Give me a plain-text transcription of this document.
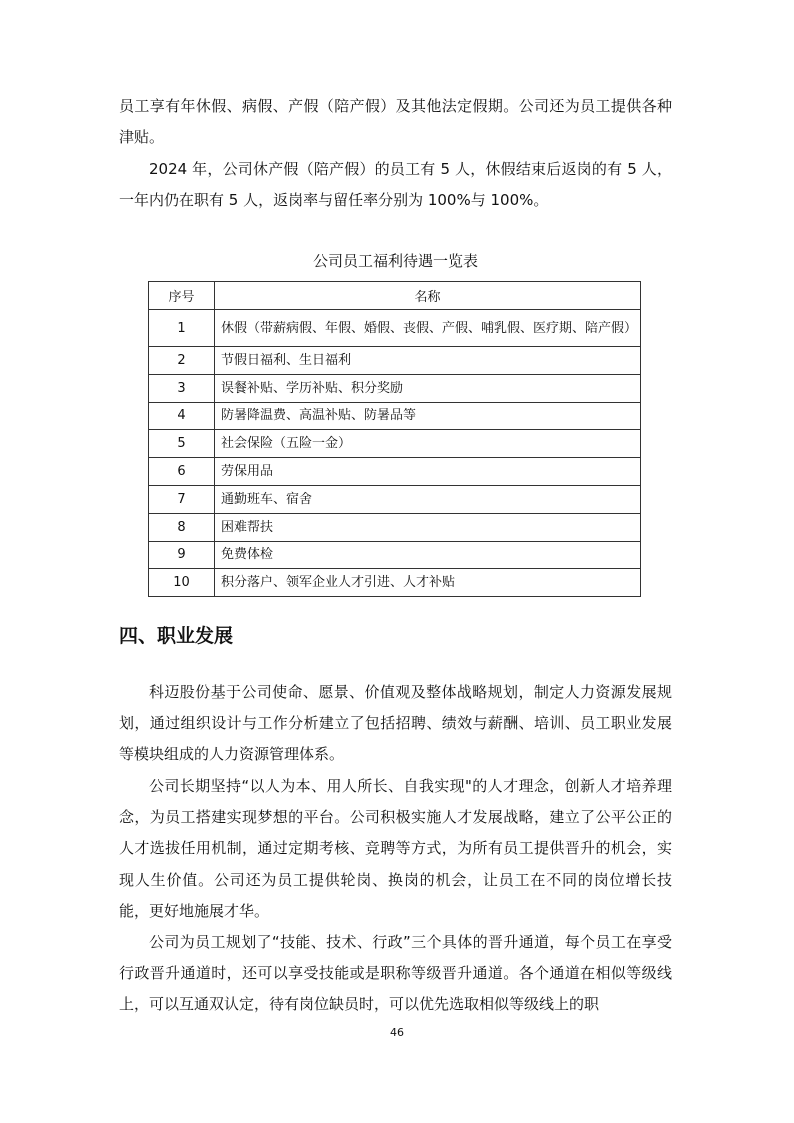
员工享有年休假、病假、产假（陪产假）及其他法定假期。公司还为员工提供各种津贴。

2024 年，公司休产假（陪产假）的员工有 5 人，休假结束后返岗的有 5 人，一年内仍在职有 5 人，返岗率与留任率分别为 100%与 100%。

公司员工福利待遇一览表
序号	名称
1	休假（带薪病假、年假、婚假、丧假、产假、哺乳假、医疗期、陪产假）
2	节假日福利、生日福利
3	误餐补贴、学历补贴、积分奖励
4	防暑降温费、高温补贴、防暑品等
5	社会保险（五险一金）
6	劳保用品
7	通勤班车、宿舍
8	困难帮扶
9	免费体检
10	积分落户、领军企业人才引进、人才补贴
四、职业发展

科迈股份基于公司使命、愿景、价值观及整体战略规划，制定人力资源发展规划，通过组织设计与工作分析建立了包括招聘、绩效与薪酬、培训、员工职业发展等模块组成的人力资源管理体系。

公司长期坚持“以人为本、用人所长、自我实现"的人才理念，创新人才培养理念，为员工搭建实现梦想的平台。公司积极实施人才发展战略，建立了公平公正的人才选拔任用机制，通过定期考核、竞聘等方式，为所有员工提供晋升的机会，实现人生价值。公司还为员工提供轮岗、换岗的机会，让员工在不同的岗位增长技能，更好地施展才华。

公司为员工规划了“技能、技术、行政”三个具体的晋升通道，每个员工在享受行政晋升通道时，还可以享受技能或是职称等级晋升通道。各个通道在相似等级线上，可以互通双认定，待有岗位缺员时，可以优先选取相似等级线上的职

46
